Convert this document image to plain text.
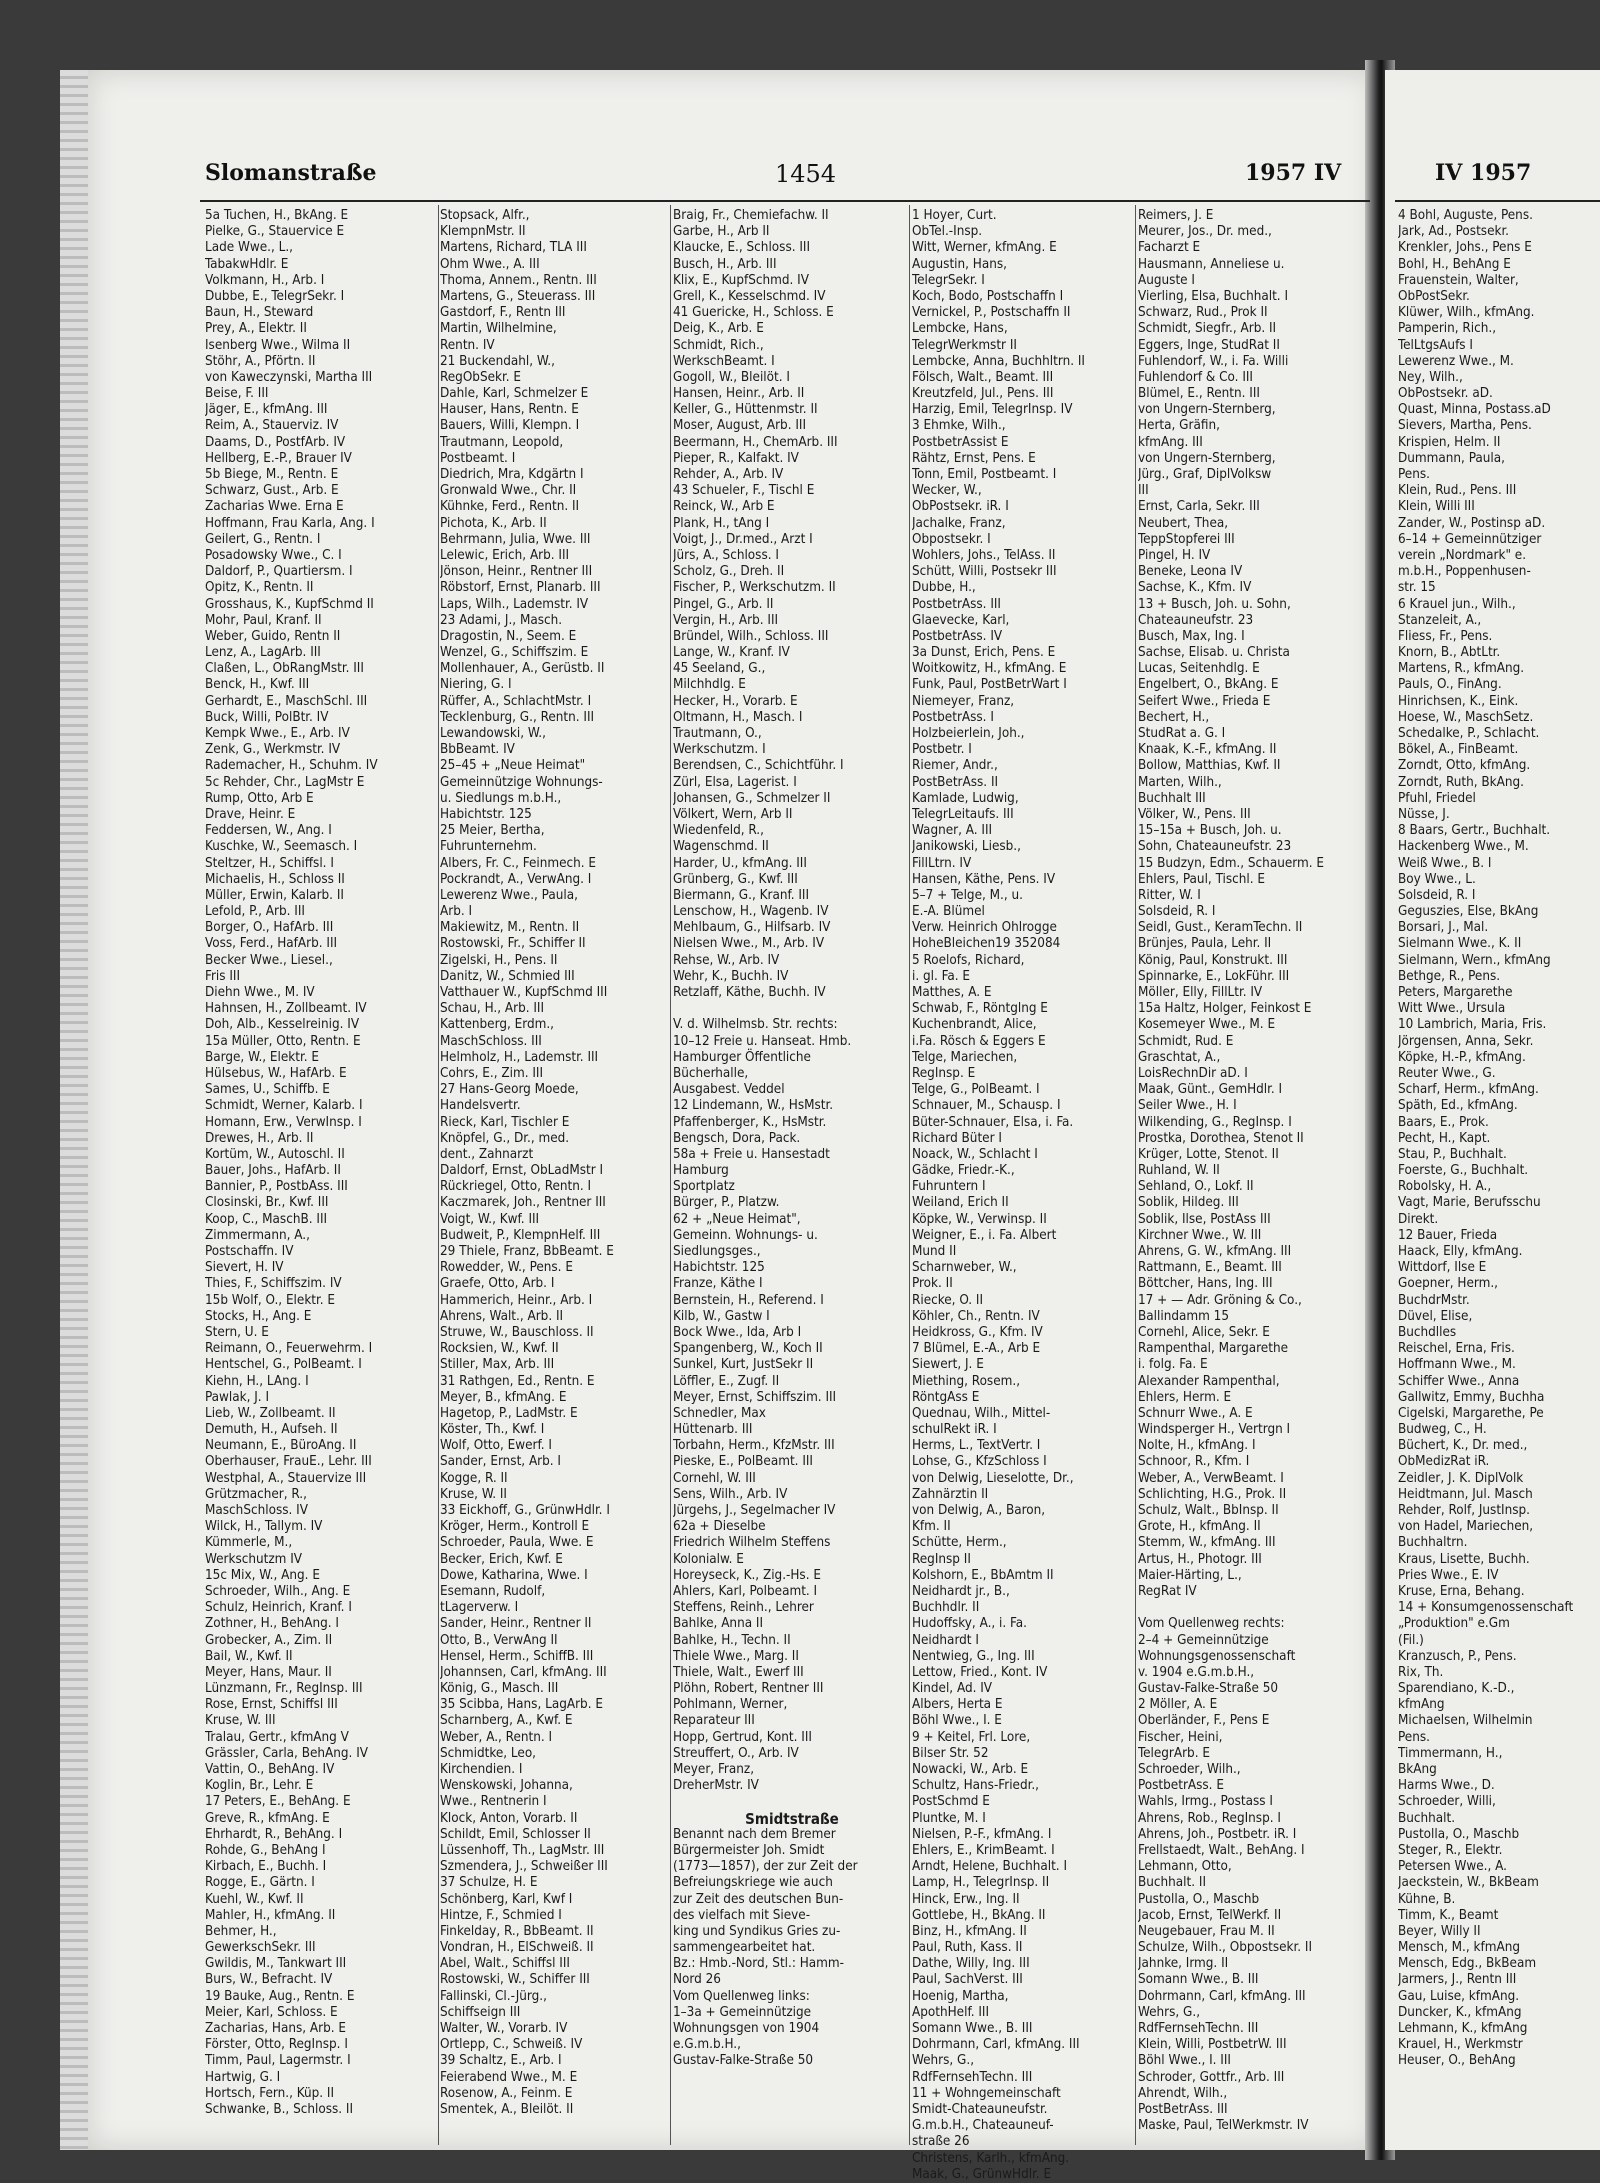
Slomanstraße	1454	1957 IV	IV 1957
5a Tuchen, H., BkAng. E
Pielke, G., Stauervice E
Lade Wwe., L.,
TabakwHdlr. E
Volkmann, H., Arb. I
Dubbe, E., TelegrSekr. I
Baun, H., Steward
Prey, A., Elektr. II
Isenberg Wwe., Wilma II
Stöhr, A., Pförtn. II
von Kaweczynski, Martha III
Beise, F. III
Jäger, E., kfmAng. III
Reim, A., Stauerviz. IV
Daams, D., PostfArb. IV
Hellberg, E.-P., Brauer IV
5b Biege, M., Rentn. E
Schwarz, Gust., Arb. E
Zacharias Wwe. Erna E
Hoffmann, Frau Karla, Ang. I
Geilert, G., Rentn. I
Posadowsky Wwe., C. I
Daldorf, P., Quartiersm. I
Opitz, K., Rentn. II
Grosshaus, K., KupfSchmd II
Mohr, Paul, Kranf. II
Weber, Guido, Rentn II
Lenz, A., LagArb. III
Claßen, L., ObRangMstr. III
Benck, H., Kwf. III
Gerhardt, E., MaschSchl. III
Buck, Willi, PolBtr. IV
Kempk Wwe., E., Arb. IV
Zenk, G., Werkmstr. IV
Rademacher, H., Schuhm. IV
5c Rehder, Chr., LagMstr E
Rump, Otto, Arb E
Drave, Heinr. E
Feddersen, W., Ang. I
Kuschke, W., Seemasch. I
Steltzer, H., Schiffsl. I
Michaelis, H., Schloss II
Müller, Erwin, Kalarb. II
Lefold, P., Arb. III
Borger, O., HafArb. III
Voss, Ferd., HafArb. III
Becker Wwe., Liesel.,
Fris III
Diehn Wwe., M. IV
Hahnsen, H., Zollbeamt. IV
Doh, Alb., Kesselreinig. IV
15a Müller, Otto, Rentn. E
Barge, W., Elektr. E
Hülsebus, W., HafArb. E
Sames, U., Schiffb. E
Schmidt, Werner, Kalarb. I
Homann, Erw., VerwInsp. I
Drewes, H., Arb. II
Kortüm, W., Autoschl. II
Bauer, Johs., HafArb. II
Bannier, P., PostbAss. III
Closinski, Br., Kwf. III
Koop, C., MaschB. III
Zimmermann, A.,
Postschaffn. IV
Sievert, H. IV
Thies, F., Schiffszim. IV
15b Wolf, O., Elektr. E
Stocks, H., Ang. E
Stern, U. E
Reimann, O., Feuerwehrm. I
Hentschel, G., PolBeamt. I
Kiehn, H., LAng. I
Pawlak, J. I
Lieb, W., Zollbeamt. II
Demuth, H., Aufseh. II
Neumann, E., BüroAng. II
Oberhauser, FrauE., Lehr. III
Westphal, A., Stauervize III
Grützmacher, R.,
MaschSchloss. IV
Wilck, H., Tallym. IV
Kümmerle, M.,
Werkschutzm IV
15c Mix, W., Ang. E
Schroeder, Wilh., Ang. E
Schulz, Heinrich, Kranf. I
Zothner, H., BehAng. I
Grobecker, A., Zim. II
Bail, W., Kwf. II
Meyer, Hans, Maur. II
Lünzmann, Fr., RegInsp. III
Rose, Ernst, Schiffsl III
Kruse, W. III
Tralau, Gertr., kfmAng V
Grässler, Carla, BehAng. IV
Vattin, O., BehAng. IV
Koglin, Br., Lehr. E
17 Peters, E., BehAng. E
Greve, R., kfmAng. E
Ehrhardt, R., BehAng. I
Rohde, G., BehAng I
Kirbach, E., Buchh. I
Rogge, E., Gärtn. I
Kuehl, W., Kwf. II
Mahler, H., kfmAng. II
Behmer, H.,
GewerkschSekr. III
Gwildis, M., Tankwart III
Burs, W., Befracht. IV
19 Bauke, Aug., Rentn. E
Meier, Karl, Schloss. E
Zacharias, Hans, Arb. E
Förster, Otto, RegInsp. I
Timm, Paul, Lagermstr. I
Hartwig, G. I
Hortsch, Fern., Küp. II
Schwanke, B., Schloss. II
Stopsack, Alfr.,
KlempnMstr. II
Martens, Richard, TLA III
Ohm Wwe., A. III
Thoma, Annem., Rentn. III
Martens, G., Steuerass. III
Gastdorf, F., Rentn III
Martin, Wilhelmine,
Rentn. IV
21 Buckendahl, W.,
RegObSekr. E
Dahle, Karl, Schmelzer E
Hauser, Hans, Rentn. E
Bauers, Willi, Klempn. I
Trautmann, Leopold,
Postbeamt. I
Diedrich, Mra, Kdgärtn I
Gronwald Wwe., Chr. II
Kühnke, Ferd., Rentn. II
Pichota, K., Arb. II
Behrmann, Julia, Wwe. III
Lelewic, Erich, Arb. III
Jönson, Heinr., Rentner III
Röbstorf, Ernst, Planarb. III
Laps, Wilh., Lademstr. IV
23 Adami, J., Masch.
Dragostin, N., Seem. E
Wenzel, G., Schiffszim. E
Mollenhauer, A., Gerüstb. II
Niering, G. I
Rüffer, A., SchlachtMstr. I
Tecklenburg, G., Rentn. III
Lewandowski, W.,
BbBeamt. IV
25–45 + „Neue Heimat"
Gemeinnützige Wohnungs-
u. Siedlungs m.b.H.,
Habichtstr. 125
25 Meier, Bertha,
Fuhrunternehm.
Albers, Fr. C., Feinmech. E
Pockrandt, A., VerwAng. I
Lewerenz Wwe., Paula,
Arb. I
Makiewitz, M., Rentn. II
Rostowski, Fr., Schiffer II
Zigelski, H., Pens. II
Danitz, W., Schmied III
Vatthauer W., KupfSchmd III
Schau, H., Arb. III
Kattenberg, Erdm.,
MaschSchloss. III
Helmholz, H., Lademstr. III
Cohrs, E., Zim. III
27 Hans-Georg Moede,
Handelsvertr.
Rieck, Karl, Tischler E
Knöpfel, G., Dr., med.
dent., Zahnarzt
Daldorf, Ernst, ObLadMstr I
Rückriegel, Otto, Rentn. I
Kaczmarek, Joh., Rentner III
Voigt, W., Kwf. III
Budweit, P., KlempnHelf. III
29 Thiele, Franz, BbBeamt. E
Rowedder, W., Pens. E
Graefe, Otto, Arb. I
Hammerich, Heinr., Arb. I
Ahrens, Walt., Arb. II
Struwe, W., Bauschloss. II
Rocksien, W., Kwf. II
Stiller, Max, Arb. III
31 Rathgen, Ed., Rentn. E
Meyer, B., kfmAng. E
Hagetop, P., LadMstr. E
Köster, Th., Kwf. I
Wolf, Otto, Ewerf. I
Sander, Ernst, Arb. I
Kogge, R. II
Kruse, W. II
33 Eickhoff, G., GrünwHdlr. I
Kröger, Herm., Kontroll E
Schroeder, Paula, Wwe. E
Becker, Erich, Kwf. E
Dowe, Katharina, Wwe. I
Esemann, Rudolf,
tLagerverw. I
Sander, Heinr., Rentner II
Otto, B., VerwAng II
Hensel, Herm., SchiffB. III
Johannsen, Carl, kfmAng. III
König, G., Masch. III
35 Scibba, Hans, LagArb. E
Scharnberg, A., Kwf. E
Weber, A., Rentn. I
Schmidtke, Leo,
Kirchendien. I
Wenskowski, Johanna,
Wwe., Rentnerin I
Klock, Anton, Vorarb. II
Schildt, Emil, Schlosser II
Lüssenhoff, Th., LagMstr. III
Szmendera, J., Schweißer III
37 Schulze, H. E
Schönberg, Karl, Kwf I
Hintze, F., Schmied I
Finkelday, R., BbBeamt. II
Vondran, H., ElSchweiß. II
Abel, Walt., Schiffsl III
Rostowski, W., Schiffer III
Fallinski, Cl.-Jürg.,
Schiffseign III
Walter, W., Vorarb. IV
Ortlepp, C., Schweiß. IV
39 Schaltz, E., Arb. I
Feierabend Wwe., M. E
Rosenow, A., Feinm. E
Smentek, A., Bleilöt. II
Braig, Fr., Chemiefachw. II
Garbe, H., Arb II
Klaucke, E., Schloss. III
Busch, H., Arb. III
Klix, E., KupfSchmd. IV
Grell, K., Kesselschmd. IV
41 Guericke, H., Schloss. E
Deig, K., Arb. E
Schmidt, Rich.,
WerkschBeamt. I
Gogoll, W., Bleilöt. I
Hansen, Heinr., Arb. II
Keller, G., Hüttenmstr. II
Moser, August, Arb. III
Beermann, H., ChemArb. III
Pieper, R., Kalfakt. IV
Rehder, A., Arb. IV
43 Schueler, F., Tischl E
Reinck, W., Arb E
Plank, H., tAng I
Voigt, J., Dr.med., Arzt I
Jürs, A., Schloss. I
Scholz, G., Dreh. II
Fischer, P., Werkschutzm. II
Pingel, G., Arb. II
Vergin, H., Arb. III
Bründel, Wilh., Schloss. III
Lange, W., Kranf. IV
45 Seeland, G.,
Milchhdlg. E
Hecker, H., Vorarb. E
Oltmann, H., Masch. I
Trautmann, O.,
Werkschutzm. I
Berendsen, C., Schichtführ. I
Zürl, Elsa, Lagerist. I
Johansen, G., Schmelzer II
Völkert, Wern, Arb II
Wiedenfeld, R.,
Wagenschmd. II
Harder, U., kfmAng. III
Grünberg, G., Kwf. III
Biermann, G., Kranf. III
Lenschow, H., Wagenb. IV
Mehlbaum, G., Hilfsarb. IV
Nielsen Wwe., M., Arb. IV
Rehse, W., Arb. IV
Wehr, K., Buchh. IV
Retzlaff, Käthe, Buchh. IV
V. d. Wilhelmsb. Str. rechts:
10–12 Freie u. Hanseat. Hmb.
Hamburger Öffentliche
Bücherhalle,
Ausgabest. Veddel
12 Lindemann, W., HsMstr.
Pfaffenberger, K., HsMstr.
Bengsch, Dora, Pack.
58a + Freie u. Hansestadt
Hamburg
Sportplatz
Bürger, P., Platzw.
62 + „Neue Heimat",
Gemeinn. Wohnungs- u.
Siedlungsges.,
Habichtstr. 125
Franze, Käthe I
Bernstein, H., Referend. I
Kilb, W., Gastw I
Bock Wwe., Ida, Arb I
Spangenberg, W., Koch II
Sunkel, Kurt, JustSekr II
Löffler, E., Zugf. II
Meyer, Ernst, Schiffszim. III
Schnedler, Max
Hüttenarb. III
Torbahn, Herm., KfzMstr. III
Pieske, E., PolBeamt. III
Cornehl, W. III
Sens, Wilh., Arb. IV
Jürgehs, J., Segelmacher IV
62a + Dieselbe
Friedrich Wilhelm Steffens
Kolonialw. E
Horeyseck, K., Zig.-Hs. E
Ahlers, Karl, Polbeamt. I
Steffens, Reinh., Lehrer
Bahlke, Anna II
Bahlke, H., Techn. II
Thiele Wwe., Marg. II
Thiele, Walt., Ewerf III
Plöhn, Robert, Rentner III
Pohlmann, Werner,
Reparateur III
Hopp, Gertrud, Kont. III
Streuffert, O., Arb. IV
Meyer, Franz,
DreherMstr. IV
Smidtstraße
Benannt nach dem Bremer
Bürgermeister Joh. Smidt
(1773—1857), der zur Zeit der
Befreiungskriege wie auch
zur Zeit des deutschen Bun-
des vielfach mit Sieve-
king und Syndikus Gries zu-
sammengearbeitet hat.
Bz.: Hmb.-Nord, Stl.: Hamm-
Nord 26
Vom Quellenweg links:
1–3a + Gemeinnützige
Wohnungsgen von 1904
e.G.m.b.H.,
Gustav-Falke-Straße 50
1 Hoyer, Curt.
ObTel.-Insp.
Witt, Werner, kfmAng. E
Augustin, Hans,
TelegrSekr. I
Koch, Bodo, Postschaffn I
Vernickel, P., Postschaffn II
Lembcke, Hans,
TelegrWerkmstr II
Lembcke, Anna, Buchhltrn. II
Fölsch, Walt., Beamt. III
Kreutzfeld, Jul., Pens. III
Harzig, Emil, TelegrInsp. IV
3 Ehmke, Wilh.,
PostbetrAssist E
Rähtz, Ernst, Pens. E
Tonn, Emil, Postbeamt. I
Wecker, W.,
ObPostsekr. iR. I
Jachalke, Franz,
Obpostsekr. I
Wohlers, Johs., TelAss. II
Schütt, Willi, Postsekr III
Dubbe, H.,
PostbetrAss. III
Glaevecke, Karl,
PostbetrAss. IV
3a Dunst, Erich, Pens. E
Woitkowitz, H., kfmAng. E
Funk, Paul, PostBetrWart I
Niemeyer, Franz,
PostbetrAss. I
Holzbeierlein, Joh.,
Postbetr. I
Riemer, Andr.,
PostBetrAss. II
Kamlade, Ludwig,
TelegrLeitaufs. III
Wagner, A. III
Janikowski, Liesb.,
FillLtrn. IV
Hansen, Käthe, Pens. IV
5–7 + Telge, M., u.
E.-A. Blümel
Verw. Heinrich Ohlrogge
HoheBleichen19 352084
5 Roelofs, Richard,
i. gl. Fa. E
Matthes, A. E
Schwab, F., Röntglng E
Kuchenbrandt, Alice,
i.Fa. Rösch & Eggers E
Telge, Mariechen,
RegInsp. E
Telge, G., PolBeamt. I
Schnauer, M., Schausp. I
Büter-Schnauer, Elsa, i. Fa.
Richard Büter I
Noack, W., Schlacht I
Gädke, Friedr.-K.,
Fuhruntern I
Weiland, Erich II
Köpke, W., Verwinsp. II
Weigner, E., i. Fa. Albert
Mund II
Scharnweber, W.,
Prok. II
Riecke, O. II
Köhler, Ch., Rentn. IV
Heidkross, G., Kfm. IV
7 Blümel, E.-A., Arb E
Siewert, J. E
Miething, Rosem.,
RöntgAss E
Quednau, Wilh., Mittel-
schulRekt iR. I
Herms, L., TextVertr. I
Lohse, G., KfzSchloss I
von Delwig, Lieselotte, Dr.,
Zahnärztin II
von Delwig, A., Baron,
Kfm. II
Schütte, Herm.,
RegInsp II
Kolshorn, E., BbAmtm II
Neidhardt jr., B.,
Buchhdlr. II
Hudoffsky, A., i. Fa.
Neidhardt I
Nentwieg, G., Ing. III
Lettow, Fried., Kont. IV
Kindel, Ad. IV
Albers, Herta E
Böhl Wwe., I. E
9 + Keitel, Frl. Lore,
Bilser Str. 52
Nowacki, W., Arb. E
Schultz, Hans-Friedr.,
PostSchmd E
Pluntke, M. I
Nielsen, P.-F., kfmAng. I
Ehlers, E., KrimBeamt. I
Arndt, Helene, Buchhalt. I
Lamp, H., TelegrInsp. II
Hinck, Erw., Ing. II
Gottlebe, H., BkAng. II
Binz, H., kfmAng. II
Paul, Ruth, Kass. II
Dathe, Willy, Ing. III
Paul, SachVerst. III
Hoenig, Martha,
ApothHelf. III
Somann Wwe., B. III
Dohrmann, Carl, kfmAng. III
Wehrs, G.,
RdfFernsehTechn. III
11 + Wohngemeinschaft
Smidt-Chateauneufstr.
G.m.b.H., Chateauneuf-
straße 26
Christens, Karlh., kfmAng.
Maak, G., GrünwHdlr. E
Reimers, J. E
Meurer, Jos., Dr. med.,
Facharzt E
Hausmann, Anneliese u.
Auguste I
Vierling, Elsa, Buchhalt. I
Schwarz, Rud., Prok II
Schmidt, Siegfr., Arb. II
Eggers, Inge, StudRat II
Fuhlendorf, W., i. Fa. Willi
Fuhlendorf & Co. III
Blümel, E., Rentn. III
von Ungern-Sternberg,
Herta, Gräfin,
kfmAng. III
von Ungern-Sternberg,
Jürg., Graf, DiplVolksw
III
Ernst, Carla, Sekr. III
Neubert, Thea,
TeppStopferei III
Pingel, H. IV
Beneke, Leona IV
Sachse, K., Kfm. IV
13 + Busch, Joh. u. Sohn,
Chateauneufstr. 23
Busch, Max, Ing. I
Sachse, Elisab. u. Christa
Lucas, Seitenhdlg. E
Engelbert, O., BkAng. E
Seifert Wwe., Frieda E
Bechert, H.,
StudRat a. G. I
Knaak, K.-F., kfmAng. II
Bollow, Matthias, Kwf. II
Marten, Wilh.,
Buchhalt III
Völker, W., Pens. III
15–15a + Busch, Joh. u.
Sohn, Chateauneufstr. 23
15 Budzyn, Edm., Schauerm. E
Ehlers, Paul, Tischl. E
Ritter, W. I
Solsdeid, R. I
Seidl, Gust., KeramTechn. II
Brünjes, Paula, Lehr. II
König, Paul, Konstrukt. III
Spinnarke, E., LokFühr. III
Möller, Elly, FillLtr. IV
15a Haltz, Holger, Feinkost E
Kosemeyer Wwe., M. E
Schmidt, Rud. E
Graschtat, A.,
LoisRechnDir aD. I
Maak, Günt., GemHdlr. I
Seiler Wwe., H. I
Wilkending, G., RegInsp. I
Prostka, Dorothea, Stenot II
Krüger, Lotte, Stenot. II
Ruhland, W. II
Sehland, O., Lokf. II
Soblik, Hildeg. III
Soblik, Ilse, PostAss III
Kirchner Wwe., W. III
Ahrens, G. W., kfmAng. III
Rattmann, E., Beamt. III
Böttcher, Hans, Ing. III
17 + — Adr. Gröning & Co.,
Ballindamm 15
Cornehl, Alice, Sekr. E
Rampenthal, Margarethe
i. folg. Fa. E
Alexander Rampenthal,
Ehlers, Herm. E
Schnurr Wwe., A. E
Windsperger H., Vertrgn I
Nolte, H., kfmAng. I
Schnoor, R., Kfm. I
Weber, A., VerwBeamt. I
Schlichting, H.G., Prok. II
Schulz, Walt., BbInsp. II
Grote, H., kfmAng. II
Stemm, W., kfmAng. III
Artus, H., Photogr. III
Maier-Härting, L.,
RegRat IV
Vom Quellenweg rechts:
2–4 + Gemeinnützige
Wohnungsgenossenschaft
v. 1904 e.G.m.b.H.,
Gustav-Falke-Straße 50
2 Möller, A. E
Oberländer, F., Pens E
Fischer, Heini,
TelegrArb. E
Schroeder, Wilh.,
PostbetrAss. E
Wahls, Irmg., Postass I
Ahrens, Rob., RegInsp. I
Ahrens, Joh., Postbetr. iR. I
Frellstaedt, Walt., BehAng. I
Lehmann, Otto,
Buchhalt. II
Pustolla, O., Maschb
Jacob, Ernst, TelWerkf. II
Neugebauer, Frau M. II
Schulze, Wilh., Obpostsekr. II
Jahnke, Irmg. II
Somann Wwe., B. III
Dohrmann, Carl, kfmAng. III
Wehrs, G.,
RdfFernsehTechn. III
Klein, Willi, PostbetrW. III
Böhl Wwe., I. III
Schroder, Gottfr., Arb. III
Ahrendt, Wilh.,
PostBetrAss. III
Maske, Paul, TelWerkmstr. IV
4 Bohl, Auguste, Pens.
Jark, Ad., Postsekr.
Krenkler, Johs., Pens E
Bohl, H., BehAng E
Frauenstein, Walter,
ObPostSekr.
Klüwer, Wilh., kfmAng.
Pamperin, Rich.,
TelLtgsAufs I
Lewerenz Wwe., M.
Ney, Wilh.,
ObPostsekr. aD.
Quast, Minna, Postass.aD
Sievers, Martha, Pens.
Krispien, Helm. II
Dummann, Paula,
Pens.
Klein, Rud., Pens. III
Klein, Willi III
Zander, W., Postinsp aD.
6–14 + Gemeinnütziger
verein „Nordmark" e.
m.b.H., Poppenhusen-
str. 15
6 Krauel jun., Wilh.,
Stanzeleit, A.,
Fliess, Fr., Pens.
Knorn, B., AbtLtr.
Martens, R., kfmAng.
Pauls, O., FinAng.
Hinrichsen, K., Eink.
Hoese, W., MaschSetz.
Schedalke, P., Schlacht.
Bökel, A., FinBeamt.
Zorndt, Otto, kfmAng.
Zorndt, Ruth, BkAng.
Pfuhl, Friedel
Nüsse, J.
8 Baars, Gertr., Buchhalt.
Hackenberg Wwe., M.
Weiß Wwe., B. I
Boy Wwe., L.
Solsdeid, R. I
Geguszies, Else, BkAng
Borsari, J., Mal.
Sielmann Wwe., K. II
Sielmann, Wern., kfmAng
Bethge, R., Pens.
Peters, Margarethe
Witt Wwe., Ursula
10 Lambrich, Maria, Fris.
Jörgensen, Anna, Sekr.
Köpke, H.-P., kfmAng.
Reuter Wwe., G.
Scharf, Herm., kfmAng.
Späth, Ed., kfmAng.
Baars, E., Prok.
Pecht, H., Kapt.
Stau, P., Buchhalt.
Foerste, G., Buchhalt.
Robolsky, H. A.,
Vagt, Marie, Berufsschu
Direkt.
12 Bauer, Frieda
Haack, Elly, kfmAng.
Wittdorf, Ilse E
Goepner, Herm.,
BuchdrMstr.
Düvel, Elise,
Buchdlles
Reischel, Erna, Fris.
Hoffmann Wwe., M.
Schiffer Wwe., Anna
Gallwitz, Emmy, Buchha
Cigelski, Margarethe, Pe
Budweg, C., H.
Büchert, K., Dr. med.,
ObMedizRat iR.
Zeidler, J. K. DiplVolk
Heidtmann, Jul. Masch
Rehder, Rolf, JustInsp.
von Hadel, Mariechen,
Buchhaltrn.
Kraus, Lisette, Buchh.
Pries Wwe., E. IV
Kruse, Erna, Behang.
14 + Konsumgenossenschaft
„Produktion" e.Gm
(Fil.)
Kranzusch, P., Pens.
Rix, Th.
Sparendiano, K.-D.,
kfmAng
Michaelsen, Wilhelmin
Pens.
Timmermann, H.,
BkAng
Harms Wwe., D.
Schroeder, Willi,
Buchhalt.
Pustolla, O., Maschb
Steger, R., Elektr.
Petersen Wwe., A.
Jaeckstein, W., BkBeam
Kühne, B.
Timm, K., Beamt
Beyer, Willy II
Mensch, M., kfmAng
Mensch, Edg., BkBeam
Jarmers, J., Rentn III
Gau, Luise, kfmAng.
Duncker, K., kfmAng
Lehmann, K., kfmAng
Krauel, H., Werkmstr
Heuser, O., BehAng
